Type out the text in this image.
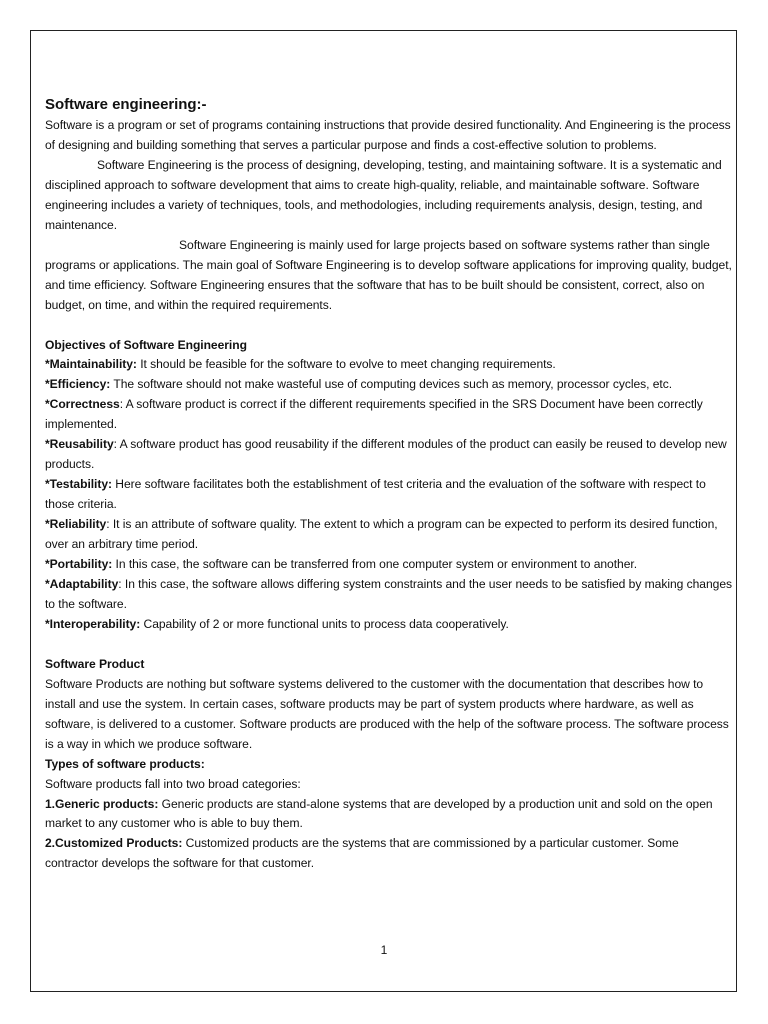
Software engineering:-

Software is a program or set of programs containing instructions that provide desired functionality. And Engineering is the process of designing and building something that serves a particular purpose and finds a cost-effective solution to problems.

Software Engineering is the process of designing, developing, testing, and maintaining software. It is a systematic and disciplined approach to software development that aims to create high-quality, reliable, and maintainable software. Software engineering includes a variety of techniques, tools, and methodologies, including requirements analysis, design, testing, and maintenance.

Software Engineering is mainly used for large projects based on software systems rather than single programs or applications. The main goal of Software Engineering is to develop software applications for improving quality, budget, and time efficiency. Software Engineering ensures that the software that has to be built should be consistent, correct, also on budget, on time, and within the required requirements.

Objectives of Software Engineering

*Maintainability: It should be feasible for the software to evolve to meet changing requirements.

*Efficiency: The software should not make wasteful use of computing devices such as memory, processor cycles, etc.

*Correctness: A software product is correct if the different requirements specified in the SRS Document have been correctly implemented.

*Reusability: A software product has good reusability if the different modules of the product can easily be reused to develop new products.

*Testability: Here software facilitates both the establishment of test criteria and the evaluation of the software with respect to those criteria.

*Reliability: It is an attribute of software quality. The extent to which a program can be expected to perform its desired function, over an arbitrary time period.

*Portability: In this case, the software can be transferred from one computer system or environment to another.

*Adaptability: In this case, the software allows differing system constraints and the user needs to be satisfied by making changes to the software.

*Interoperability: Capability of 2 or more functional units to process data cooperatively.

Software Product

Software Products are nothing but software systems delivered to the customer with the documentation that describes how to install and use the system. In certain cases, software products may be part of system products where hardware, as well as software, is delivered to a customer. Software products are produced with the help of the software process. The software process is a way in which we produce software.

Types of software products:

Software products fall into two broad categories:

1.Generic products: Generic products are stand-alone systems that are developed by a production unit and sold on the open market to any customer who is able to buy them.

2.Customized Products: Customized products are the systems that are commissioned by a particular customer. Some contractor develops the software for that customer.

1
